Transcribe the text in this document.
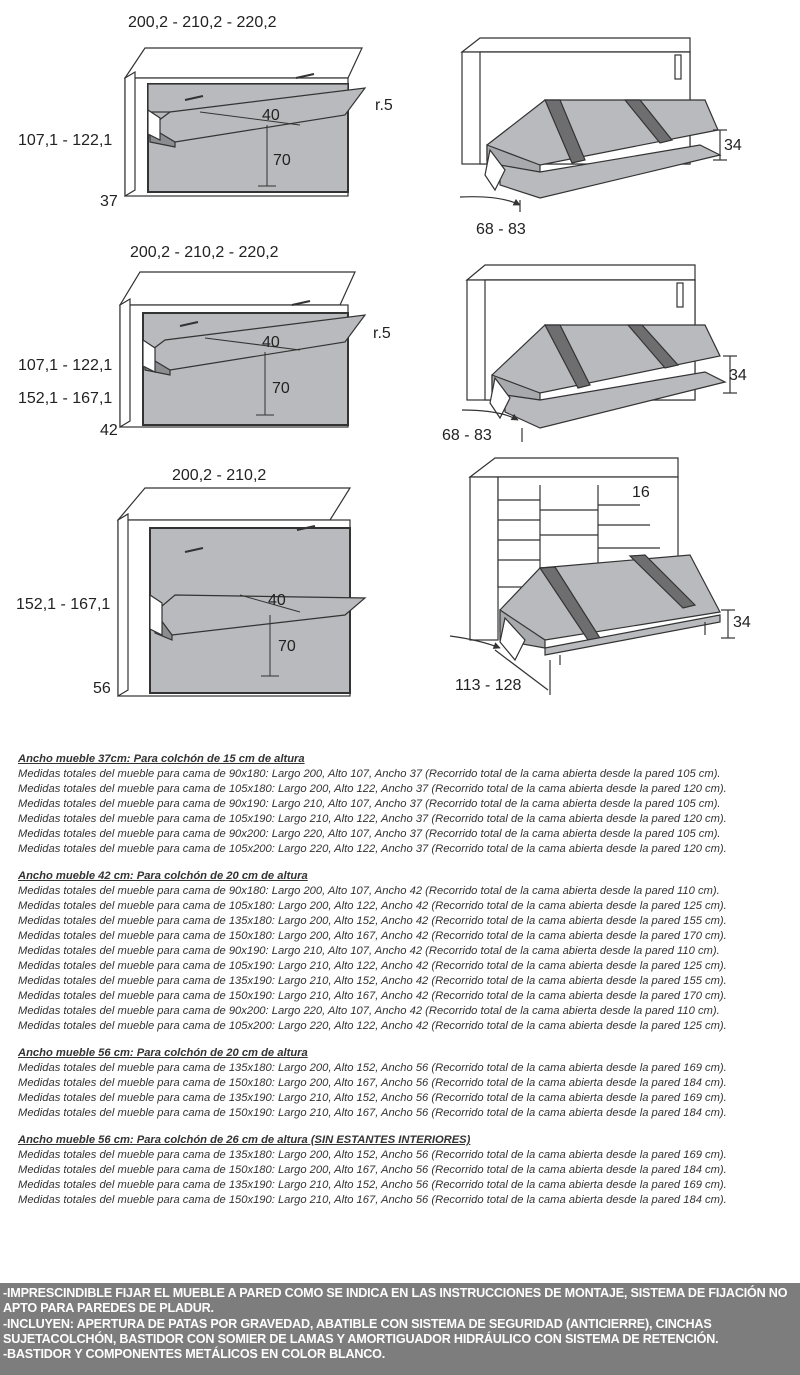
200,2 - 210,2 - 220,2
107,1 - 122,1
37
40
70
r.5
34
68 - 83
200,2 - 210,2 - 220,2
107,1 - 122,1
152,1 - 167,1
42
40
70
r.5
34
68 - 83
200,2 - 210,2
152,1 - 167,1
56
40
70
16
34
113 - 128
Ancho mueble 37cm: Para colchón de 15 cm de altura
Medidas totales del mueble para cama de 90x180: Largo 200, Alto 107, Ancho 37 (Recorrido total de la cama abierta desde la pared 105 cm).
Medidas totales del mueble para cama de 105x180: Largo 200, Alto 122, Ancho 37 (Recorrido total de la cama abierta desde la pared 120 cm).
Medidas totales del mueble para cama de 90x190: Largo 210, Alto 107, Ancho 37 (Recorrido total de la cama abierta desde la pared 105 cm).
Medidas totales del mueble para cama de 105x190: Largo 210, Alto 122, Ancho 37 (Recorrido total de la cama abierta desde la pared 120 cm).
Medidas totales del mueble para cama de 90x200: Largo 220, Alto 107, Ancho 37 (Recorrido total de la cama abierta desde la pared 105 cm).
Medidas totales del mueble para cama de 105x200: Largo 220, Alto 122, Ancho 37 (Recorrido total de la cama abierta desde la pared 120 cm).
Ancho mueble 42 cm: Para colchón de 20 cm de altura
Medidas totales del mueble para cama de 90x180: Largo 200, Alto 107, Ancho 42 (Recorrido total de la cama abierta desde la pared 110 cm).
Medidas totales del mueble para cama de 105x180: Largo 200, Alto 122, Ancho 42 (Recorrido total de la cama abierta desde la pared 125 cm).
Medidas totales del mueble para cama de 135x180: Largo 200, Alto 152, Ancho 42 (Recorrido total de la cama abierta desde la pared 155 cm).
Medidas totales del mueble para cama de 150x180: Largo 200, Alto 167, Ancho 42 (Recorrido total de la cama abierta desde la pared 170 cm).
Medidas totales del mueble para cama de 90x190: Largo 210, Alto 107, Ancho 42 (Recorrido total de la cama abierta desde la pared 110 cm).
Medidas totales del mueble para cama de 105x190: Largo 210, Alto 122, Ancho 42 (Recorrido total de la cama abierta desde la pared 125 cm).
Medidas totales del mueble para cama de 135x190: Largo 210, Alto 152, Ancho 42 (Recorrido total de la cama abierta desde la pared 155 cm).
Medidas totales del mueble para cama de 150x190: Largo 210, Alto 167, Ancho 42 (Recorrido total de la cama abierta desde la pared 170 cm).
Medidas totales del mueble para cama de 90x200: Largo 220, Alto 107, Ancho 42 (Recorrido total de la cama abierta desde la pared 110 cm).
Medidas totales del mueble para cama de 105x200: Largo 220, Alto 122, Ancho 42 (Recorrido total de la cama abierta desde la pared 125 cm).
Ancho mueble 56 cm: Para colchón de 20 cm de altura
Medidas totales del mueble para cama de 135x180: Largo 200, Alto 152, Ancho 56 (Recorrido total de la cama abierta desde la pared 169 cm).
Medidas totales del mueble para cama de 150x180: Largo 200, Alto 167, Ancho 56 (Recorrido total de la cama abierta desde la pared 184 cm).
Medidas totales del mueble para cama de 135x190: Largo 210, Alto 152, Ancho 56 (Recorrido total de la cama abierta desde la pared 169 cm).
Medidas totales del mueble para cama de 150x190: Largo 210, Alto 167, Ancho 56 (Recorrido total de la cama abierta desde la pared 184 cm).
Ancho mueble 56 cm: Para colchón de 26 cm de altura (SIN ESTANTES INTERIORES)
Medidas totales del mueble para cama de 135x180: Largo 200, Alto 152, Ancho 56 (Recorrido total de la cama abierta desde la pared 169 cm).
Medidas totales del mueble para cama de 150x180: Largo 200, Alto 167, Ancho 56 (Recorrido total de la cama abierta desde la pared 184 cm).
Medidas totales del mueble para cama de 135x190: Largo 210, Alto 152, Ancho 56 (Recorrido total de la cama abierta desde la pared 169 cm).
Medidas totales del mueble para cama de 150x190: Largo 210, Alto 167, Ancho 56 (Recorrido total de la cama abierta desde la pared 184 cm).
-IMPRESCINDIBLE FIJAR EL MUEBLE A PARED COMO SE INDICA EN LAS INSTRUCCIONES DE MONTAJE, SISTEMA DE FIJACIÓN NO APTO PARA PAREDES DE PLADUR.
-INCLUYEN: APERTURA DE PATAS POR GRAVEDAD, ABATIBLE CON SISTEMA DE SEGURIDAD (ANTICIERRE), CINCHAS SUJETACOLCHÓN, BASTIDOR CON SOMIER DE LAMAS Y AMORTIGUADOR HIDRÁULICO CON SISTEMA DE RETENCIÓN.
-BASTIDOR Y COMPONENTES METÁLICOS EN COLOR BLANCO.
